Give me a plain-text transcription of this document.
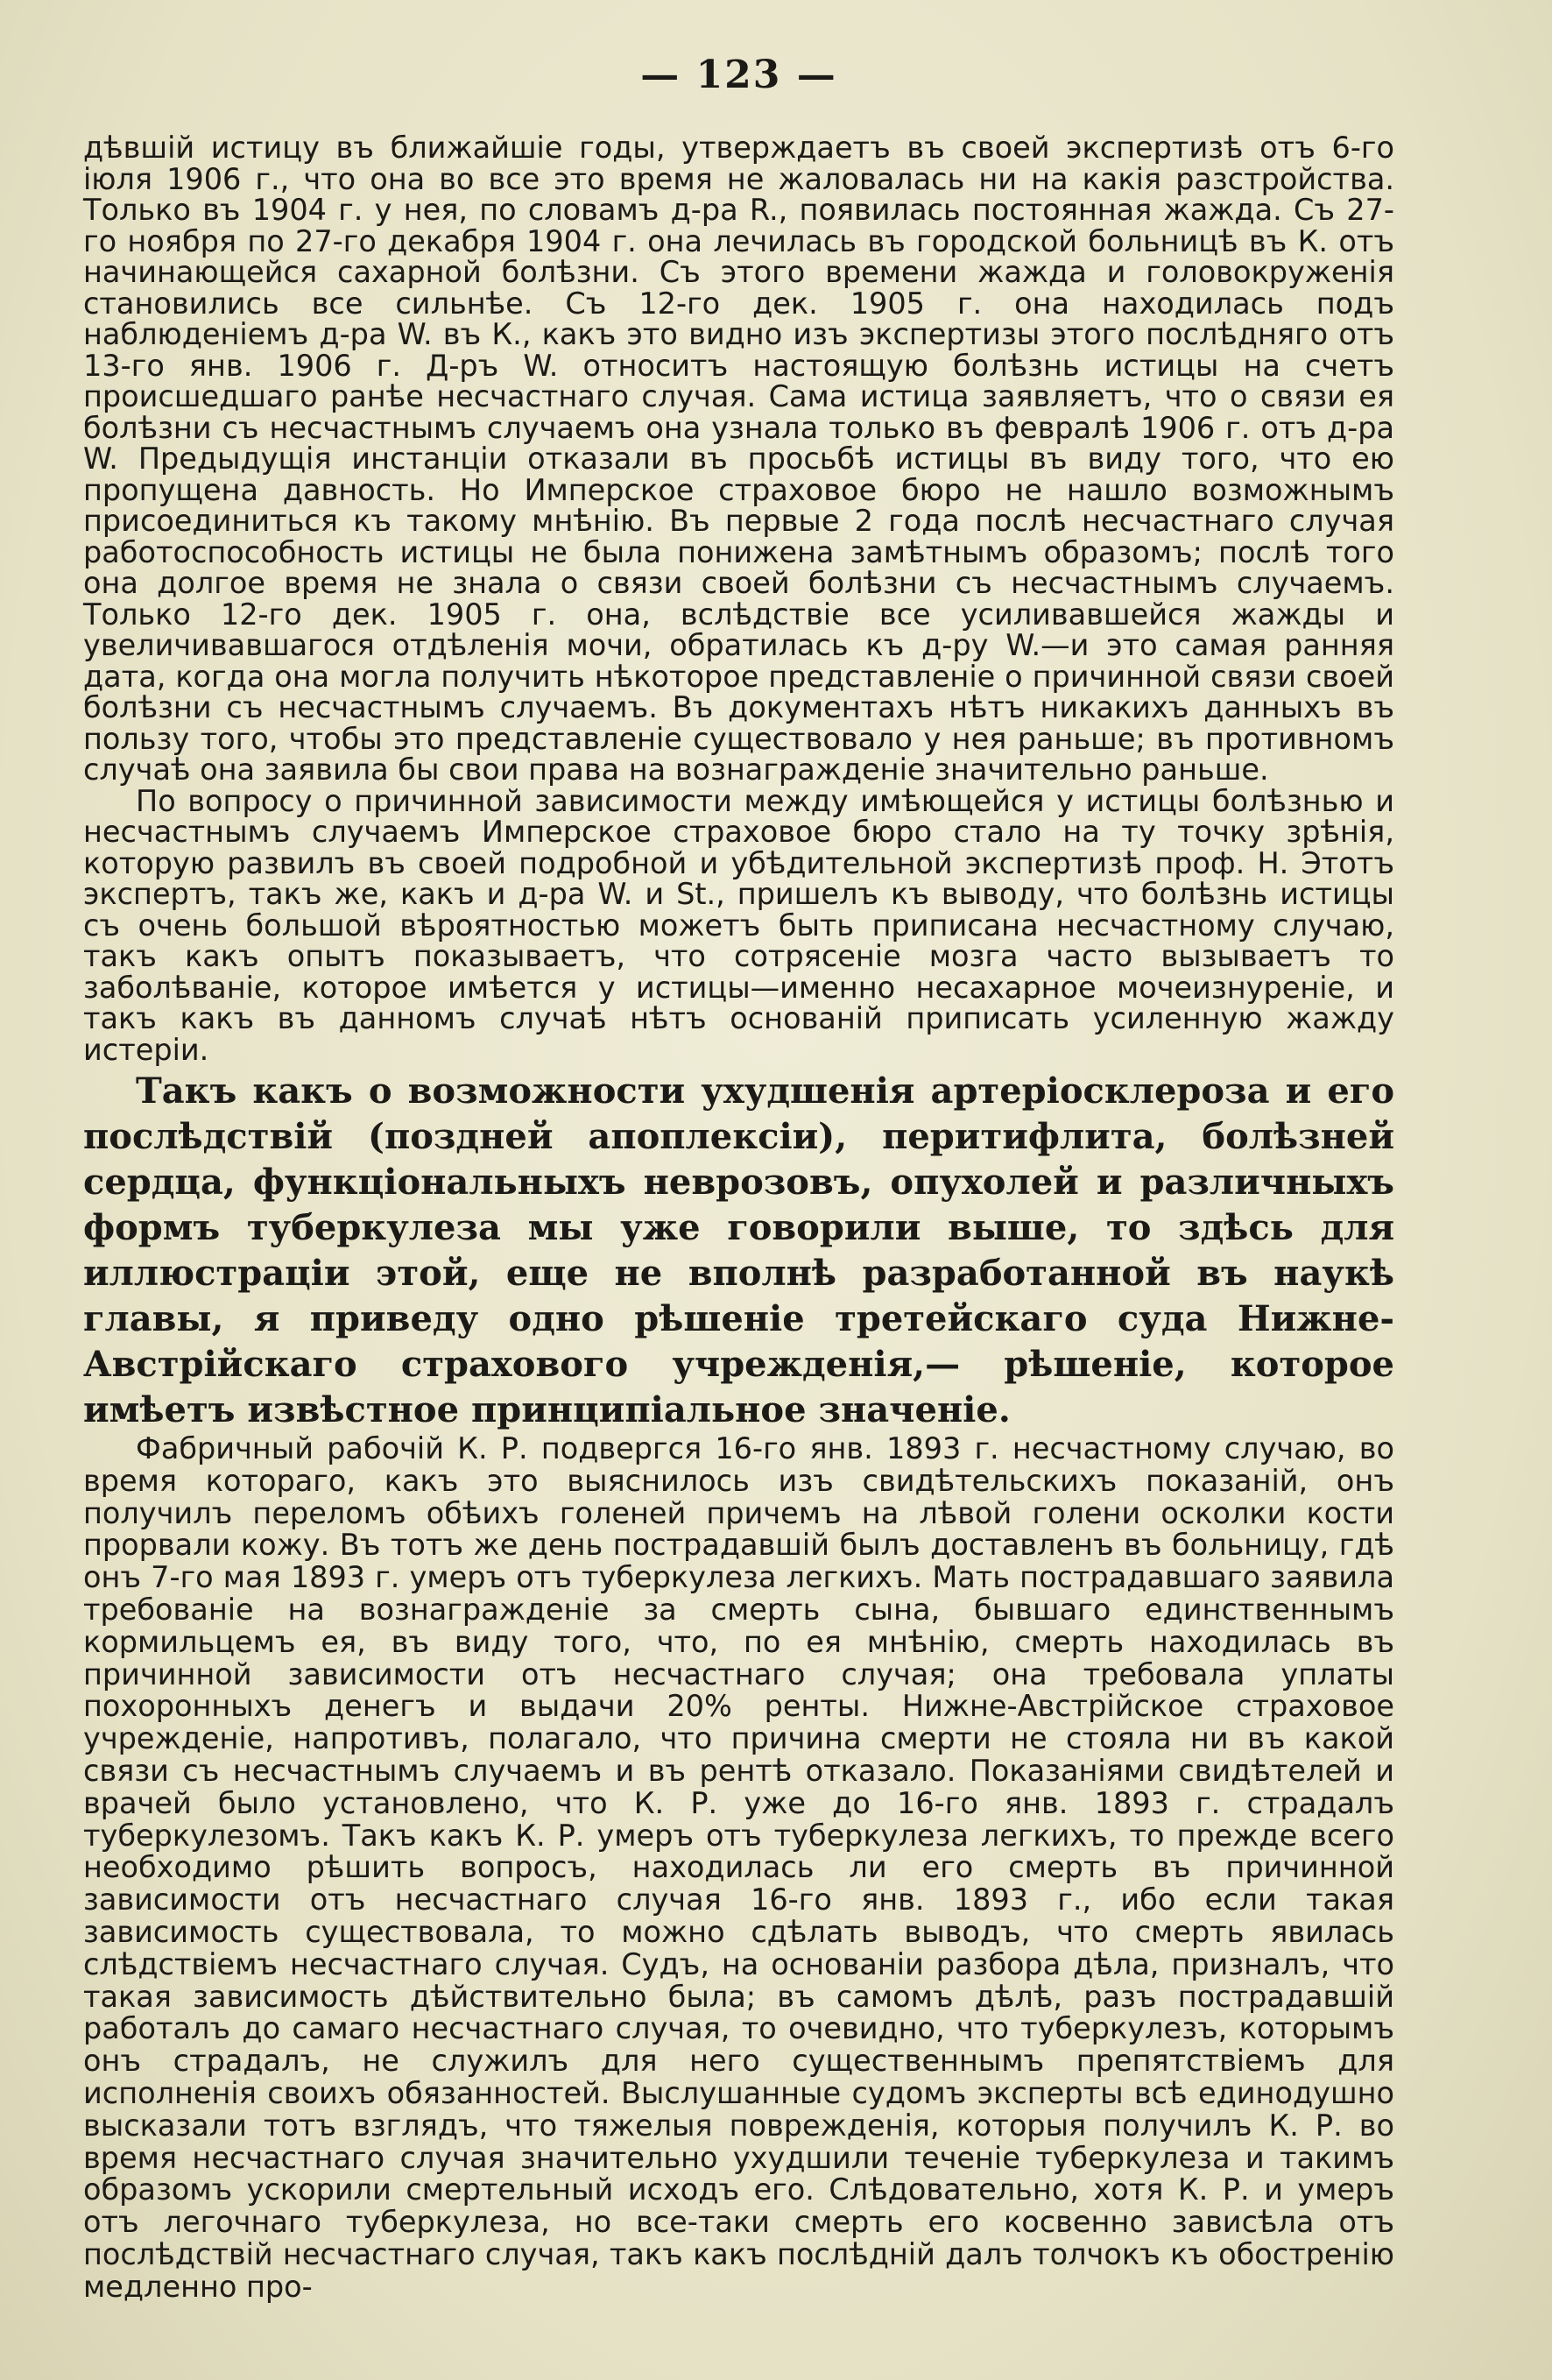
— 123 —

дѣвшій истицу въ ближайшіе годы, утверждаетъ въ своей экспертизѣ отъ 6-го іюля 1906 г., что она во все это время не жаловалась ни на какія разстройства. Только въ 1904 г. у нея, по словамъ д-ра R., появилась постоянная жажда. Съ 27-го ноября по 27-го декабря 1904 г. она лечилась въ городской больницѣ въ К. отъ начинающейся сахарной болѣзни. Съ этого времени жажда и головокруженія становились все сильнѣе. Съ 12-го дек. 1905 г. она находилась подъ наблюденіемъ д-ра W. въ К., какъ это видно изъ экспертизы этого послѣдняго отъ 13-го янв. 1906 г. Д-ръ W. относитъ настоящую болѣзнь истицы на счетъ происшедшаго ранѣе несчастнаго случая. Сама истица заявляетъ, что о связи ея болѣзни съ несчастнымъ случаемъ она узнала только въ февралѣ 1906 г. отъ д-ра W. Предыдущія инстанціи отказали въ просьбѣ истицы въ виду того, что ею пропущена давность. Но Имперское страховое бюро не нашло возможнымъ присоединиться къ такому мнѣнію. Въ первые 2 года послѣ несчастнаго случая работоспособность истицы не была понижена замѣтнымъ образомъ; послѣ того она долгое время не знала о связи своей болѣзни съ несчастнымъ случаемъ. Только 12-го дек. 1905 г. она, вслѣдствіе все усиливавшейся жажды и увеличивавшагося отдѣленія мочи, обратилась къ д-ру W.—и это самая ранняя дата, когда она могла получить нѣкоторое представленіе о причинной связи своей болѣзни съ несчастнымъ случаемъ. Въ документахъ нѣтъ никакихъ данныхъ въ пользу того, чтобы это представленіе существовало у нея раньше; въ противномъ случаѣ она заявила бы свои права на вознагражденіе значительно раньше.

По вопросу о причинной зависимости между имѣющейся у истицы болѣзнью и несчастнымъ случаемъ Имперское страховое бюро стало на ту точку зрѣнія, которую развилъ въ своей подробной и убѣдительной экспертизѣ проф. Н. Этотъ экспертъ, такъ же, какъ и д-ра W. и St., пришелъ къ выводу, что болѣзнь истицы съ очень большой вѣроятностью можетъ быть приписана несчастному случаю, такъ какъ опытъ показываетъ, что сотрясеніе мозга часто вызываетъ то заболѣваніе, которое имѣется у истицы—именно несахарное мочеизнуреніе, и такъ какъ въ данномъ случаѣ нѣтъ основаній приписать усиленную жажду истеріи.

Такъ какъ о возможности ухудшенія артеріосклероза и его послѣдствій (поздней апоплексіи), перитифлита, болѣзней сердца, функціональныхъ неврозовъ, опухолей и различныхъ формъ туберкулеза мы уже говорили выше, то здѣсь для иллюстраціи этой, еще не вполнѣ разработанной въ наукѣ главы, я приведу одно рѣшеніе третейскаго суда Нижне-Австрійскаго страхового учрежденія,— рѣшеніе, которое имѣетъ извѣстное принципіальное значеніе.

Фабричный рабочій К. Р. подвергся 16-го янв. 1893 г. несчастному случаю, во время котораго, какъ это выяснилось изъ свидѣтельскихъ показаній, онъ получилъ переломъ обѣихъ голеней причемъ на лѣвой голени осколки кости прорвали кожу. Въ тотъ же день пострадавшій былъ доставленъ въ больницу, гдѣ онъ 7-го мая 1893 г. умеръ отъ туберкулеза легкихъ. Мать пострадавшаго заявила требованіе на вознагражденіе за смерть сына, бывшаго единственнымъ кормильцемъ ея, въ виду того, что, по ея мнѣнію, смерть находилась въ причинной зависимости отъ несчастнаго случая; она требовала уплаты похоронныхъ денегъ и выдачи 20% ренты. Нижне-Австрійское страховое учрежденіе, напротивъ, полагало, что причина смерти не стояла ни въ какой связи съ несчастнымъ случаемъ и въ рентѣ отказало. Показаніями свидѣтелей и врачей было установлено, что К. Р. уже до 16-го янв. 1893 г. страдалъ туберкулезомъ. Такъ какъ К. Р. умеръ отъ туберкулеза легкихъ, то прежде всего необходимо рѣшить вопросъ, находилась ли его смерть въ причинной зависимости отъ несчастнаго случая 16-го янв. 1893 г., ибо если такая зависимость существовала, то можно сдѣлать выводъ, что смерть явилась слѣдствіемъ несчастнаго случая. Судъ, на основаніи разбора дѣла, призналъ, что такая зависимость дѣйствительно была; въ самомъ дѣлѣ, разъ пострадавшій работалъ до самаго несчастнаго случая, то очевидно, что туберкулезъ, которымъ онъ страдалъ, не служилъ для него существеннымъ препятствіемъ для исполненія своихъ обязанностей. Выслушанные судомъ эксперты всѣ единодушно высказали тотъ взглядъ, что тяжелыя поврежденія, которыя получилъ К. Р. во время несчастнаго случая значительно ухудшили теченіе туберкулеза и такимъ образомъ ускорили смертельный исходъ его. Слѣдовательно, хотя К. Р. и умеръ отъ легочнаго туберкулеза, но все-таки смерть его косвенно зависѣла отъ послѣдствій несчастнаго случая, такъ какъ послѣдній далъ толчокъ къ обостренію медленно про-
